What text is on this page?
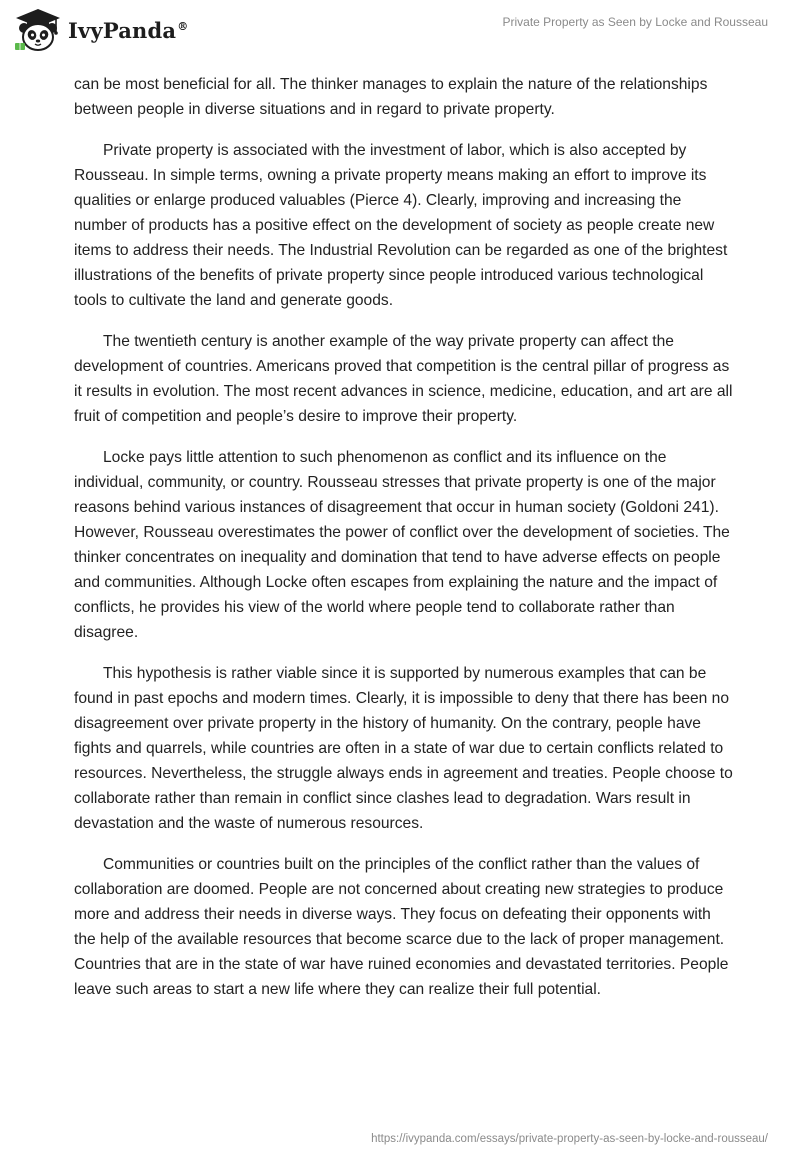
IvyPanda®	Private Property as Seen by Locke and Rousseau

can be most beneficial for all. The thinker manages to explain the nature of the relationships between people in diverse situations and in regard to private property.

Private property is associated with the investment of labor, which is also accepted by Rousseau. In simple terms, owning a private property means making an effort to improve its qualities or enlarge produced valuables (Pierce 4). Clearly, improving and increasing the number of products has a positive effect on the development of society as people create new items to address their needs. The Industrial Revolution can be regarded as one of the brightest illustrations of the benefits of private property since people introduced various technological tools to cultivate the land and generate goods.

The twentieth century is another example of the way private property can affect the development of countries. Americans proved that competition is the central pillar of progress as it results in evolution. The most recent advances in science, medicine, education, and art are all fruit of competition and people’s desire to improve their property.

Locke pays little attention to such phenomenon as conflict and its influence on the individual, community, or country. Rousseau stresses that private property is one of the major reasons behind various instances of disagreement that occur in human society (Goldoni 241). However, Rousseau overestimates the power of conflict over the development of societies. The thinker concentrates on inequality and domination that tend to have adverse effects on people and communities. Although Locke often escapes from explaining the nature and the impact of conflicts, he provides his view of the world where people tend to collaborate rather than disagree.

This hypothesis is rather viable since it is supported by numerous examples that can be found in past epochs and modern times. Clearly, it is impossible to deny that there has been no disagreement over private property in the history of humanity. On the contrary, people have fights and quarrels, while countries are often in a state of war due to certain conflicts related to resources. Nevertheless, the struggle always ends in agreement and treaties. People choose to collaborate rather than remain in conflict since clashes lead to degradation. Wars result in devastation and the waste of numerous resources.

Communities or countries built on the principles of the conflict rather than the values of collaboration are doomed. People are not concerned about creating new strategies to produce more and address their needs in diverse ways. They focus on defeating their opponents with the help of the available resources that become scarce due to the lack of proper management. Countries that are in the state of war have ruined economies and devastated territories. People leave such areas to start a new life where they can realize their full potential.

https://ivypanda.com/essays/private-property-as-seen-by-locke-and-rousseau/
